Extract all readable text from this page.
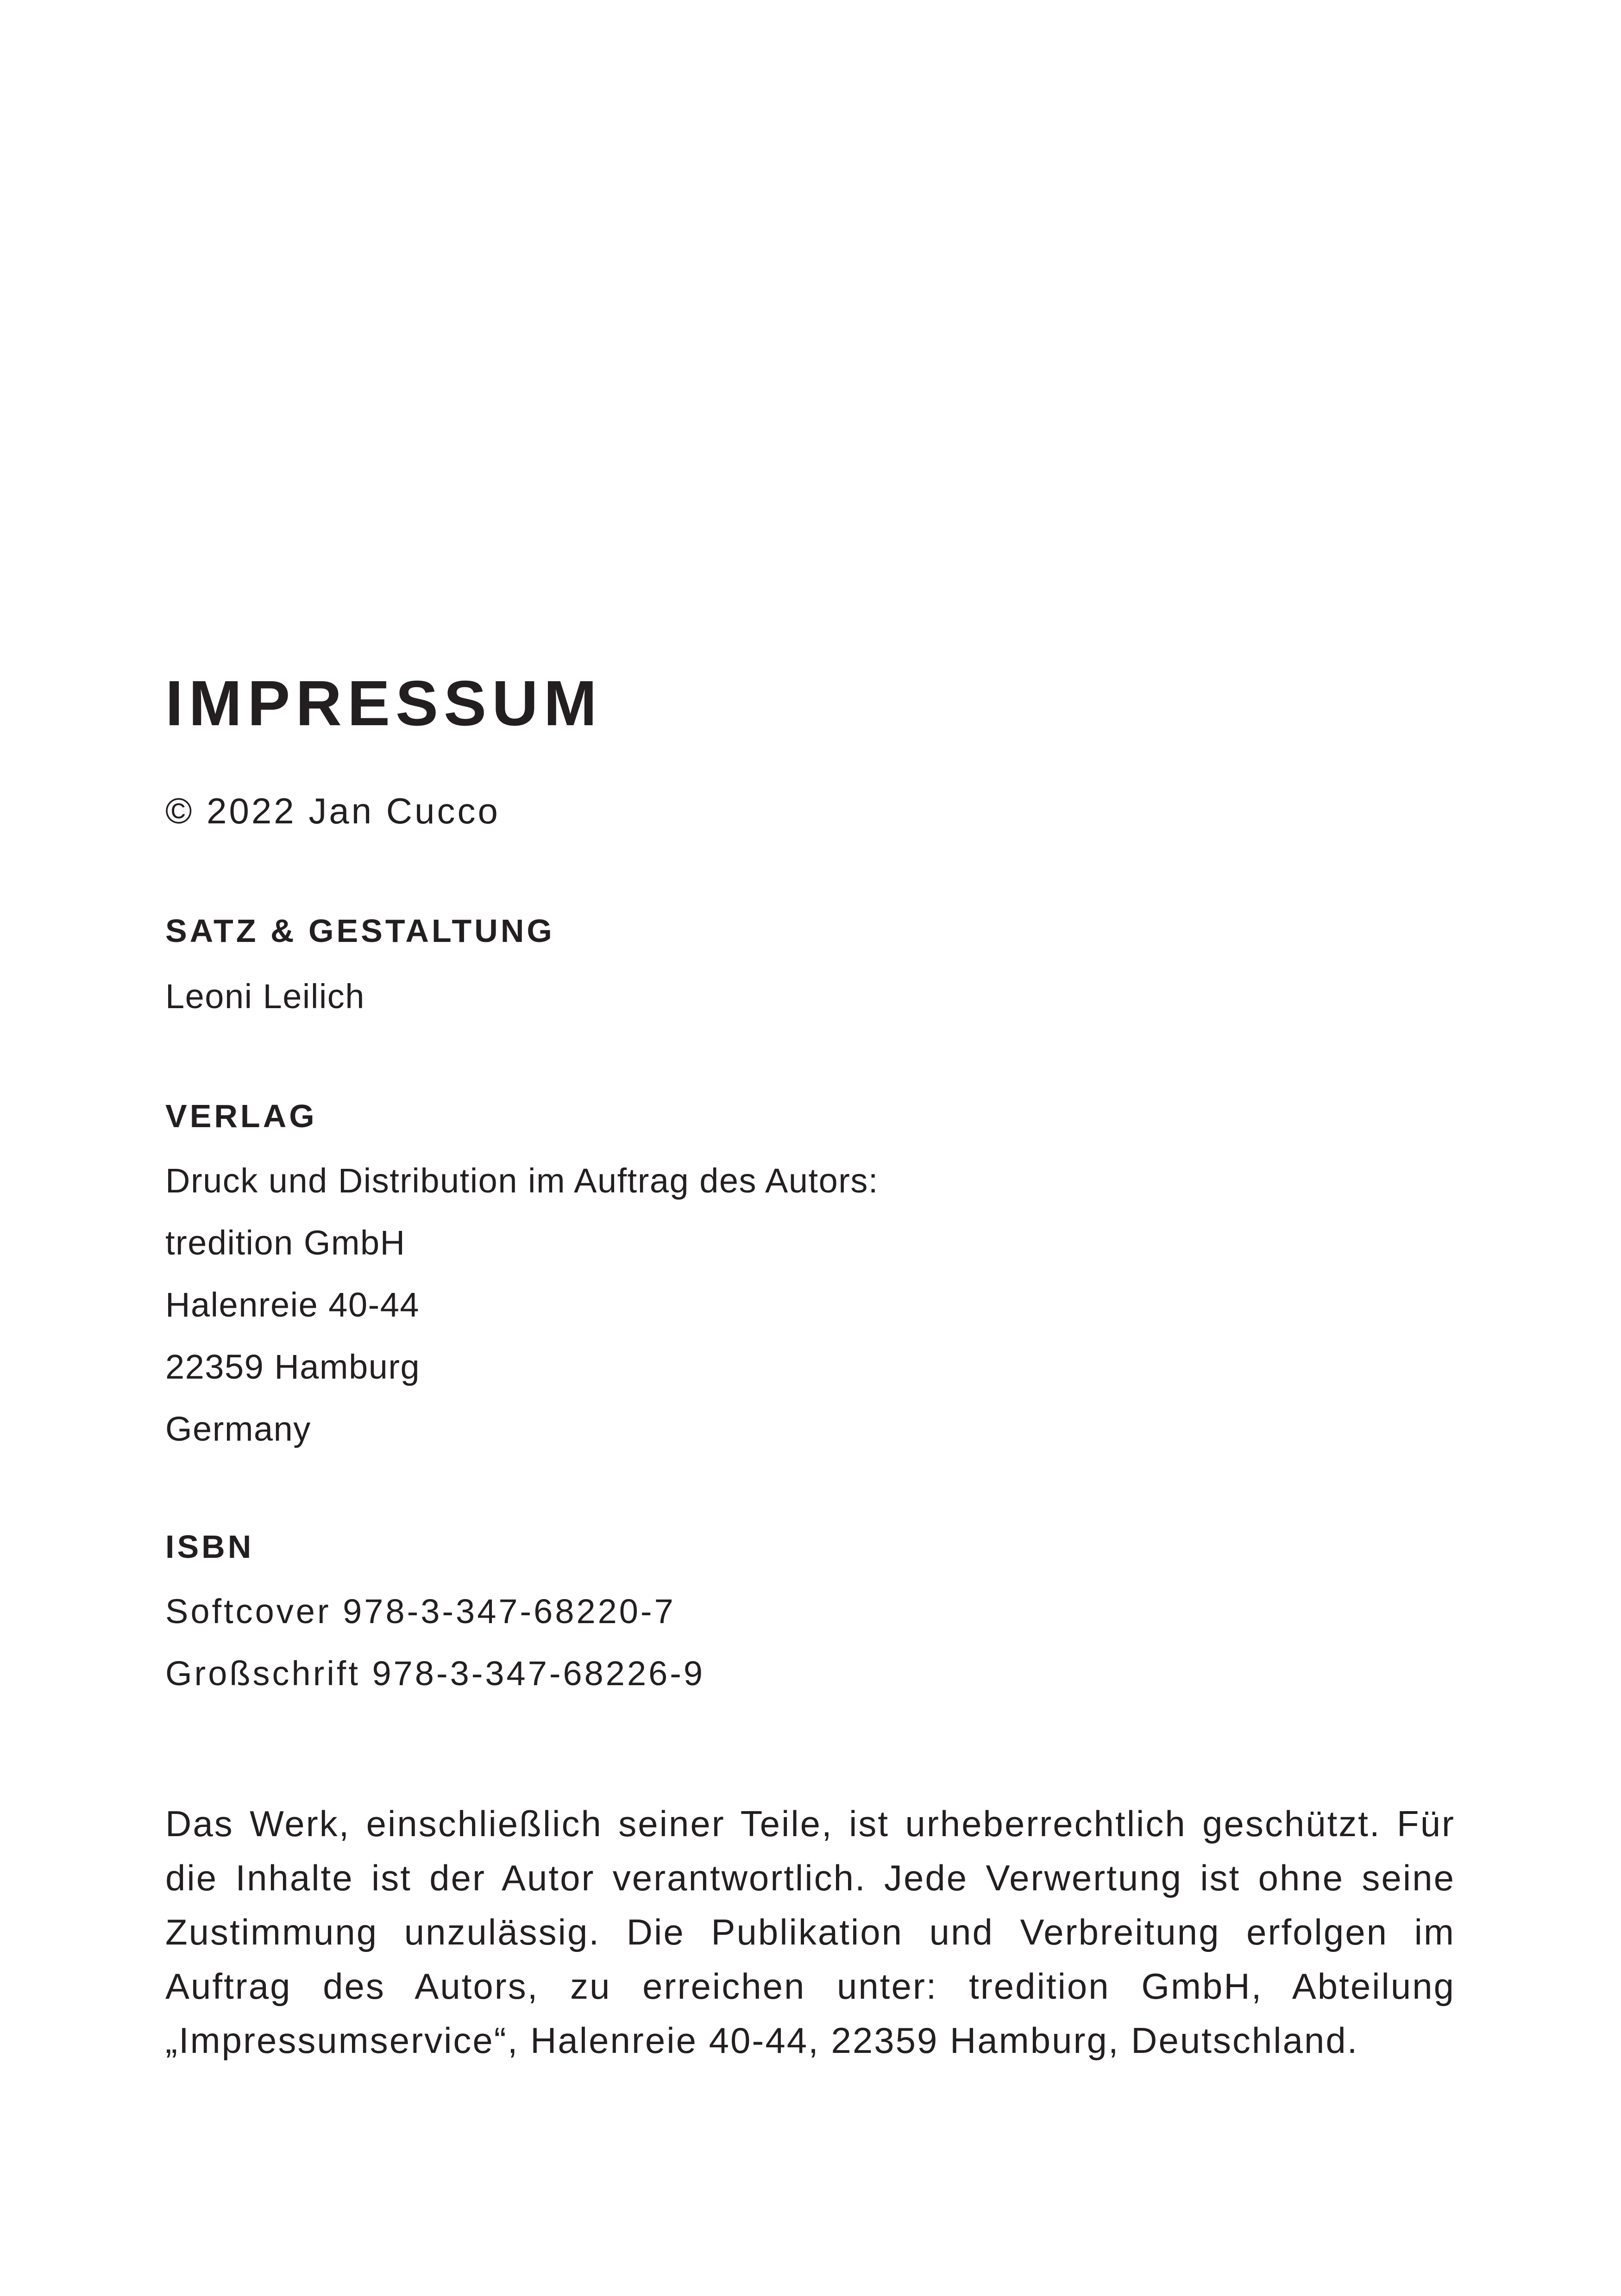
IMPRESSUM

© 2022 Jan Cucco

SATZ & GESTALTUNG
Leoni Leilich
VERLAG
Druck und Distribution im Auftrag des Autors:
tredition GmbH
Halenreie 40-44
22359 Hamburg
Germany
ISBN
Softcover 978-3-347-68220-7
Großschrift 978-3-347-68226-9

Das Werk, einschließlich seiner Teile, ist urheberrechtlich geschützt. Für die Inhalte ist der Autor verantwortlich. Jede Verwertung ist ohne seine Zustimmung unzulässig. Die Publikation und Verbreitung erfolgen im Auftrag des Autors, zu erreichen unter: tredition GmbH, Abteilung „Impressumservice“, Halenreie 40-44, 22359 Hamburg, Deutschland.
